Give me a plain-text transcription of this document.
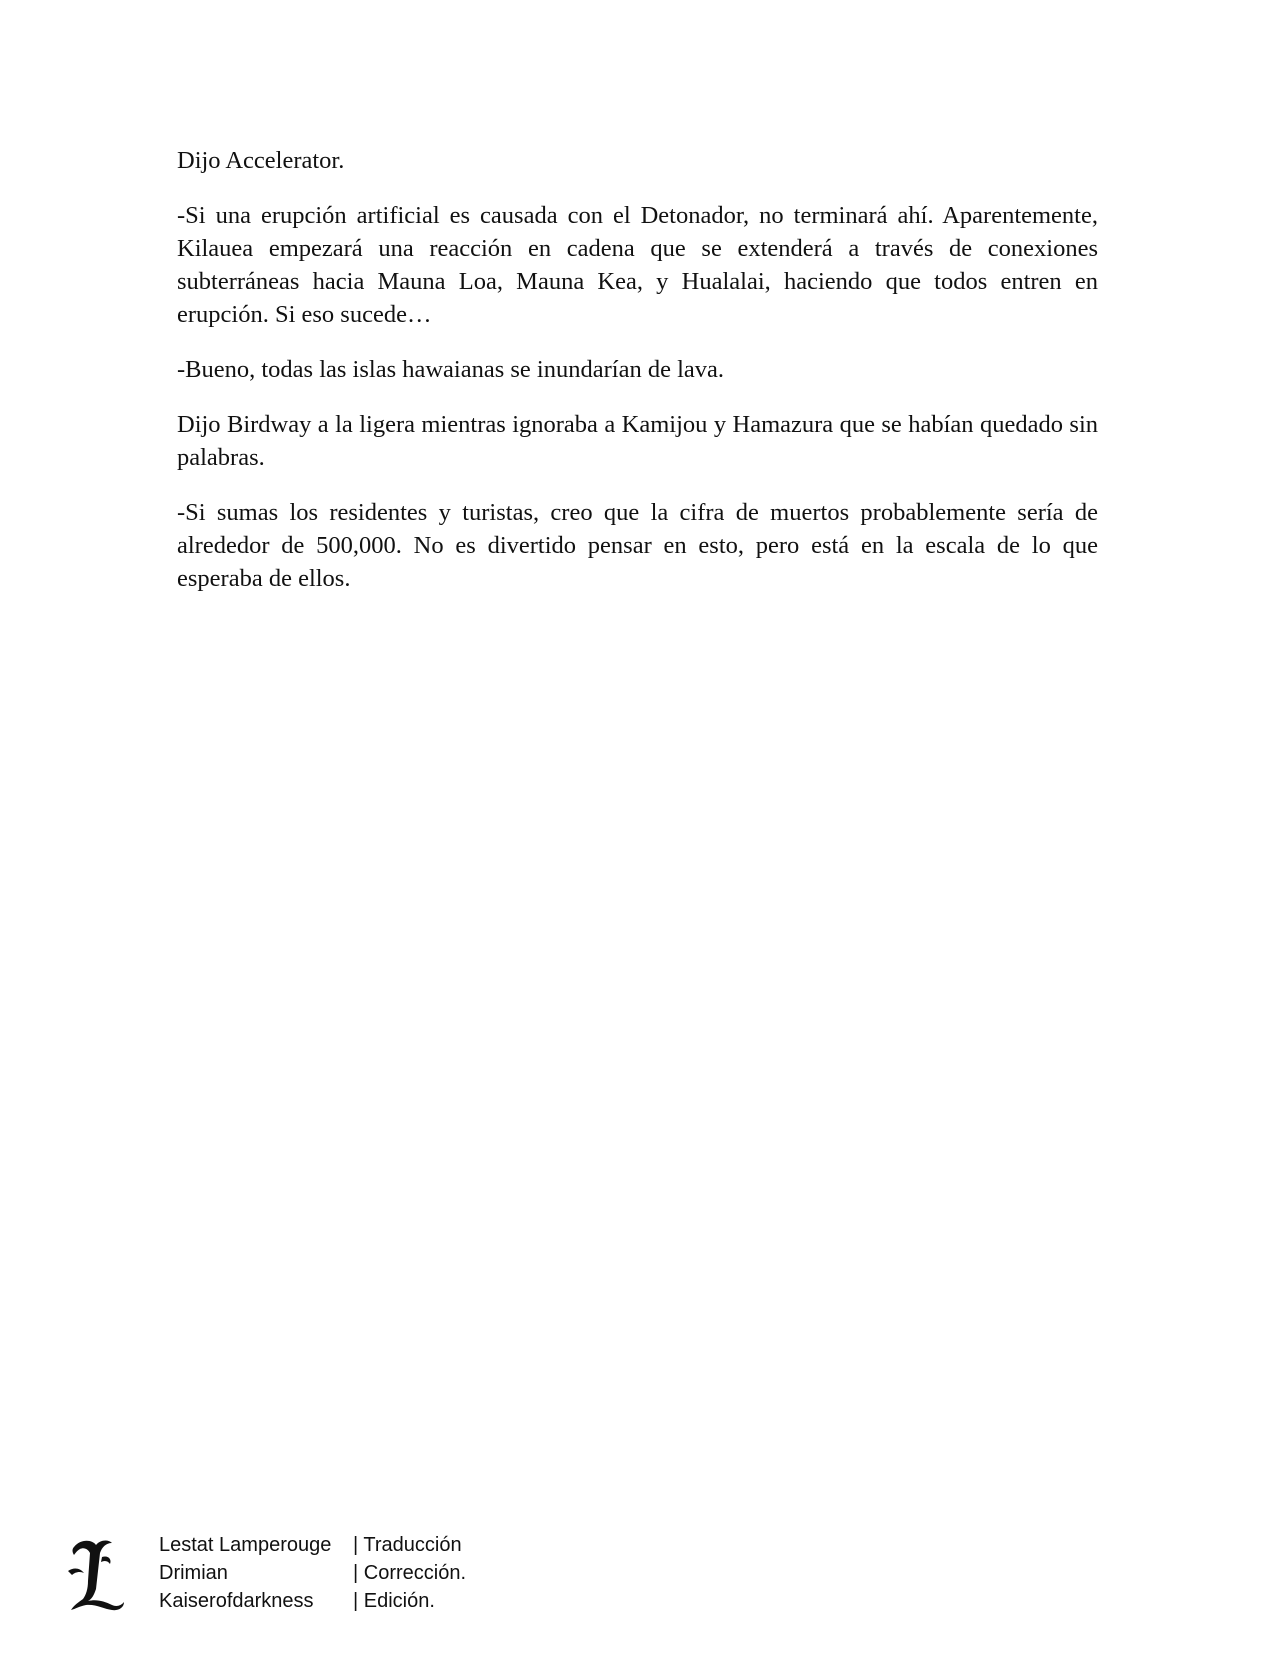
Dijo Accelerator.

-Si una erupción artificial es causada con el Detonador, no terminará ahí. Aparentemente, Kilauea empezará una reacción en cadena que se extenderá a través de conexiones subterráneas hacia Mauna Loa, Mauna Kea, y Hualalai, haciendo que todos entren en erupción. Si eso sucede…

-Bueno, todas las islas hawaianas se inundarían de lava.

Dijo Birdway a la ligera mientras ignoraba a Kamijou y Hamazura que se habían quedado sin palabras.

-Si sumas los residentes y turistas, creo que la cifra de muertos probablemente sería de alrededor de 500,000. No es divertido pensar en esto, pero está en la escala de lo que esperaba de ellos.

Lestat Lamperouge	| Traducción
Drimian	| Corrección.
Kaiserofdarkness	| Edición.
